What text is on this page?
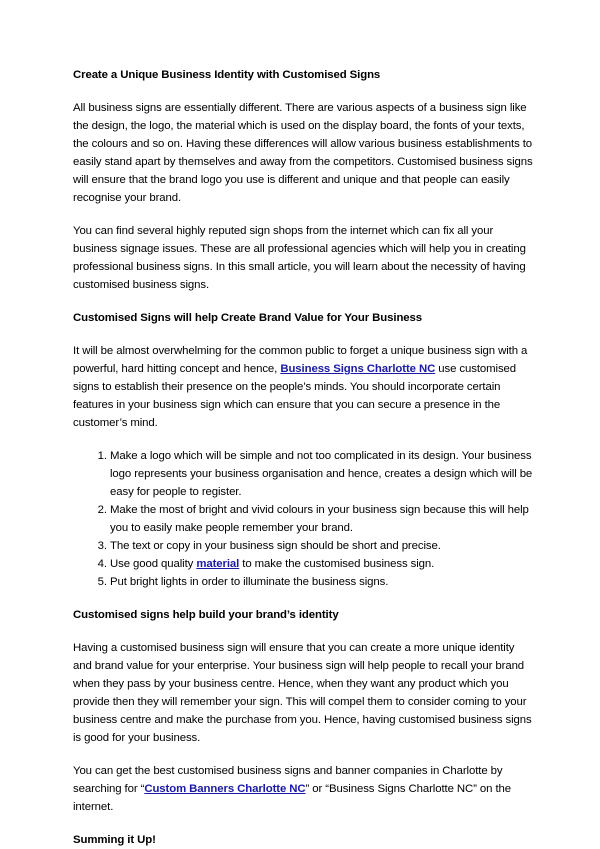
Create a Unique Business Identity with Customised Signs

All business signs are essentially different. There are various aspects of a business sign like the design, the logo, the material which is used on the display board, the fonts of your texts, the colours and so on. Having these differences will allow various business establishments to easily stand apart by themselves and away from the competitors. Customised business signs will ensure that the brand logo you use is different and unique and that people can easily recognise your brand.

You can find several highly reputed sign shops from the internet which can fix all your business signage issues. These are all professional agencies which will help you in creating professional business signs. In this small article, you will learn about the necessity of having customised business signs.

Customised Signs will help Create Brand Value for Your Business

It will be almost overwhelming for the common public to forget a unique business sign with a powerful, hard hitting concept and hence, Business Signs Charlotte NC use customised signs to establish their presence on the people’s minds. You should incorporate certain features in your business sign which can ensure that you can secure a presence in the customer’s mind.

1. Make a logo which will be simple and not too complicated in its design. Your business logo represents your business organisation and hence, creates a design which will be easy for people to register.
2. Make the most of bright and vivid colours in your business sign because this will help you to easily make people remember your brand.
3. The text or copy in your business sign should be short and precise.
4. Use good quality material to make the customised business sign.
5. Put bright lights in order to illuminate the business signs.
Customised signs help build your brand’s identity

Having a customised business sign will ensure that you can create a more unique identity and brand value for your enterprise. Your business sign will help people to recall your brand when they pass by your business centre. Hence, when they want any product which you provide then they will remember your sign. This will compel them to consider coming to your business centre and make the purchase from you. Hence, having customised business signs is good for your business.

You can get the best customised business signs and banner companies in Charlotte by searching for “Custom Banners Charlotte NC” or “Business Signs Charlotte NC” on the internet.

Summing it Up!
